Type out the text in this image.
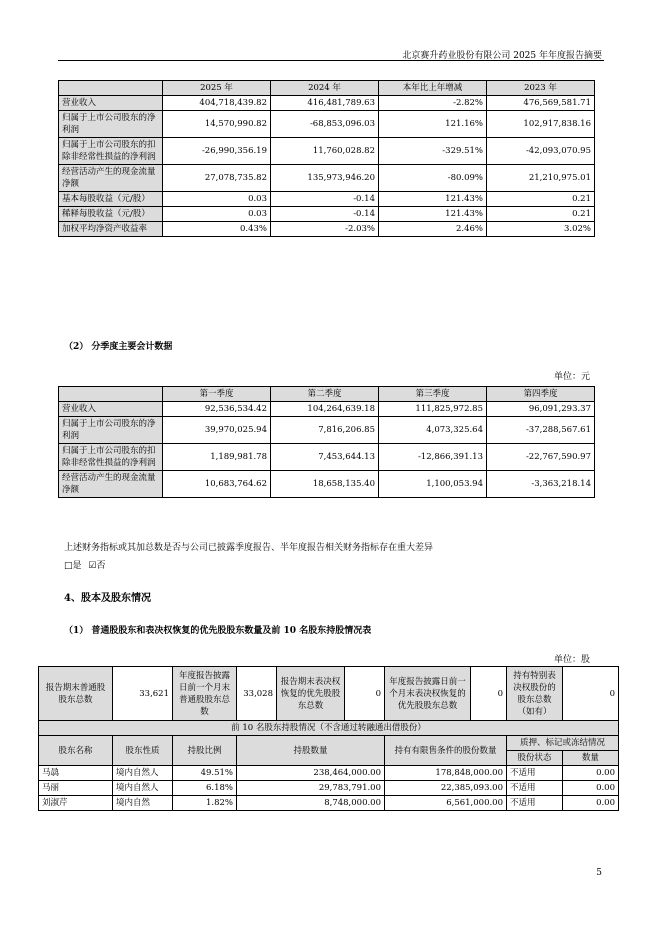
北京赛升药业股份有限公司 2025 年年度报告摘要
	2025 年	2024 年	本年比上年增减	2023 年
营业收入	404,718,439.82	416,481,789.63	-2.82%	476,569,581.71
归属于上市公司股东的净利润	14,570,990.82	-68,853,096.03	121.16%	102,917,838.16
归属于上市公司股东的扣除非经常性损益的净利润	-26,990,356.19	11,760,028.82	-329.51%	-42,093,070.95
经营活动产生的现金流量净额	27,078,735.82	135,973,946.20	-80.09%	21,210,975.01
基本每股收益（元/股）	0.03	-0.14	121.43%	0.21
稀释每股收益（元/股）	0.03	-0.14	121.43%	0.21
加权平均净资产收益率	0.43%	-2.03%	2.46%	3.02%
（2） 分季度主要会计数据
单位：元
	第一季度	第二季度	第三季度	第四季度
营业收入	92,536,534.42	104,264,639.18	111,825,972.85	96,091,293.37
归属于上市公司股东的净利润	39,970,025.94	7,816,206.85	4,073,325.64	-37,288,567.61
归属于上市公司股东的扣除非经常性损益的净利润	1,189,981.78	7,453,644.13	-12,866,391.13	-22,767,590.97
经营活动产生的现金流量净额	10,683,764.62	18,658,135.40	1,100,053.94	-3,363,218.14
上述财务指标或其加总数是否与公司已披露季度报告、半年度报告相关财务指标存在重大差异
□是 ☑否
4、股本及股东情况
（1） 普通股股东和表决权恢复的优先股股东数量及前 10 名股东持股情况表
单位：股
报告期末普通股股东总数	33,621	年度报告披露日前一个月末普通股股东总数	33,028	报告期末表决权恢复的优先股股东总数	0	年度报告披露日前一个月末表决权恢复的优先股股东总数	0	持有特别表决权股份的股东总数（如有）	0
前 10 名股东持股情况（不含通过转融通出借股份）									
股东名称	股东性质	持股比例	持股数量			持有有限售条件的股份数量		质押、标记或冻结情况	
								股份状态	数量
马骉	境内自然人	49.51%	238,464,000.00			178,848,000.00		不适用	0.00
马丽	境内自然人	6.18%	29,783,791.00			22,385,093.00		不适用	0.00
刘淑芹	境内自然	1.82%	8,748,000.00			6,561,000.00		不适用	0.00
5
